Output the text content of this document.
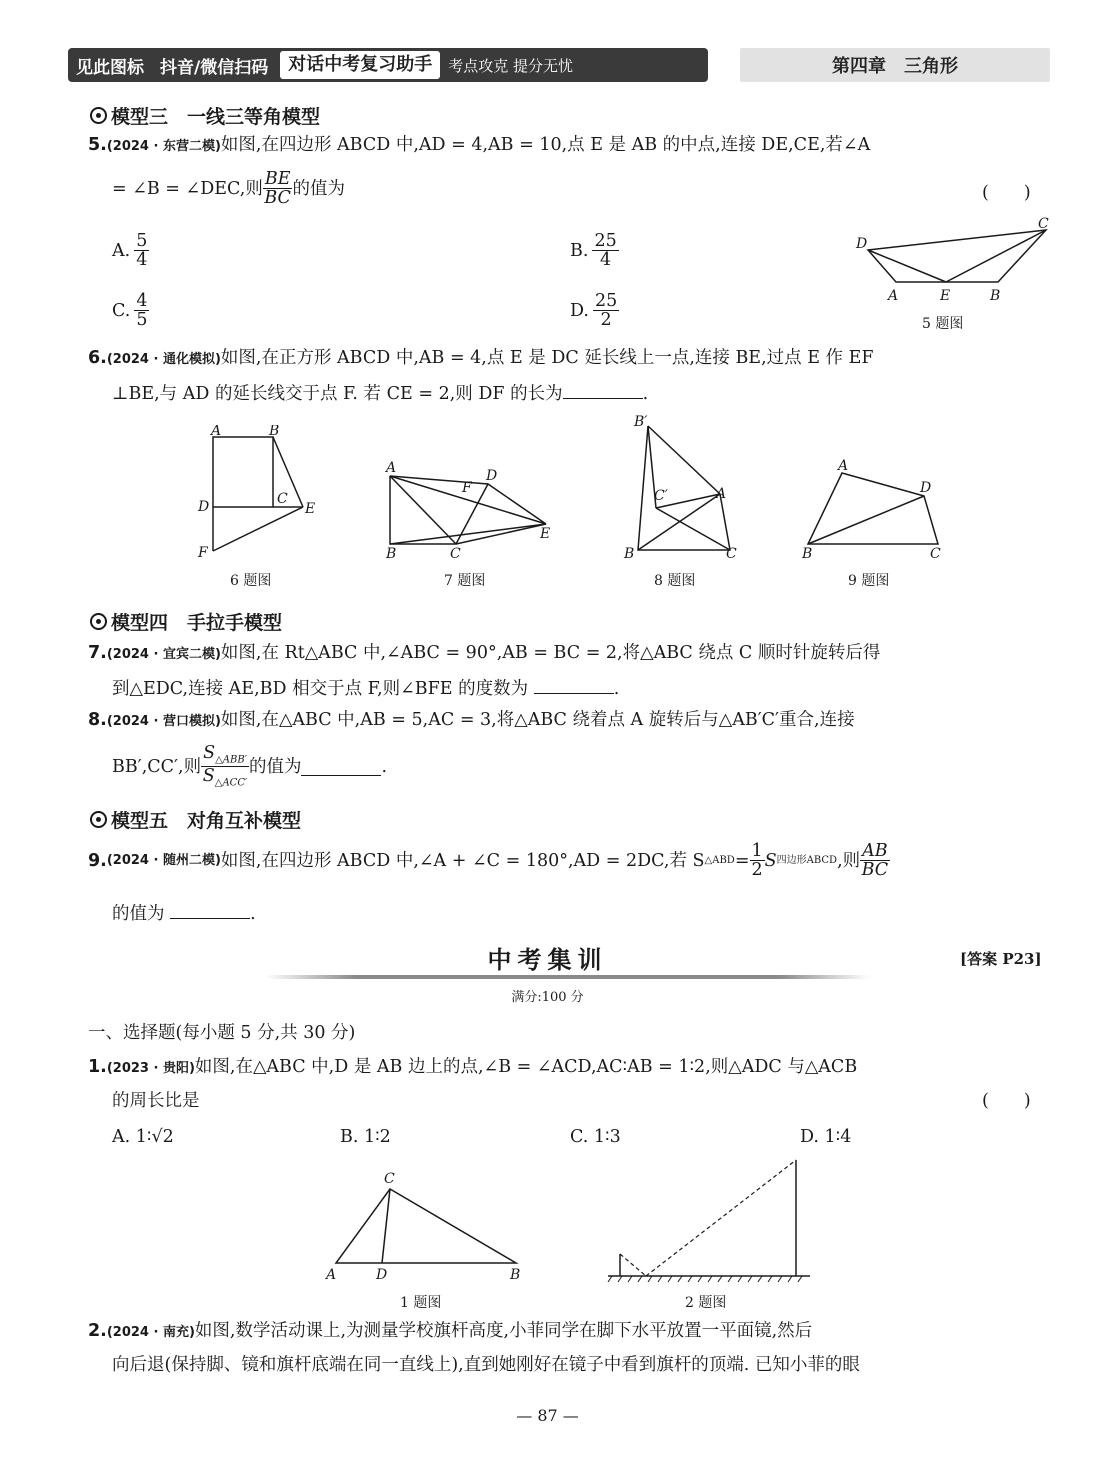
见此图标 抖音/微信扫码	对话中考复习助手	考点攻克 提分无忧	第四章　三角形
模型三　一线三等角模型
5.(2024 · 东营二模)如图,在四边形 ABCD 中,AD = 4,AB = 10,点 E 是 AB 的中点,连接 DE,CE,若∠A
= ∠B = ∠DEC,则 $\frac{BE}{BC}$ 的值为	(　　)
A. $\frac{5}{4}$	B. $\frac{25}{4}$
C. $\frac{4}{5}$	D. $\frac{25}{2}$
D
C
A	E	B
5 题图
6.(2024 · 通化模拟)如图,在正方形 ABCD 中,AB = 4,点 E 是 DC 延长线上一点,连接 BE,过点 E 作 EF
⊥BE,与 AD 的延长线交于点 F. 若 CE = 2,则 DF 的长为	.
A	B
D	C
E
F
6 题图
A
F
D
E
B	C
7 题图
B′
C′	A
B	C
8 题图
A
D
B	C
9 题图
模型四　手拉手模型
7.(2024 · 宜宾二模)如图,在 Rt△ABC 中,∠ABC = 90°,AB = BC = 2,将△ABC 绕点 C 顺时针旋转后得
到△EDC,连接 AE,BD 相交于点 F,则∠BFE 的度数为	.
8.(2024 · 营口模拟)如图,在△ABC 中,AB = 5,AC = 3,将△ABC 绕着点 A 旋转后与△AB′C′重合,连接
BB′,CC′,则 $\frac{S_{\triangle ABB'}}{S_{\triangle ACC'}}$ 的值为	.
模型五　对角互补模型
9. (2024 · 随州二模) 如图,在四边形 ABCD 中,∠A + ∠C = 180°,AD = 2DC,若 S △ABD = $\frac{1}{2}$ S 四边形ABCD ,则 $\frac{AB}{BC}$
的值为	.
中考集训	[答案 P23]
满分:100 分
一、选择题(每小题 5 分,共 30 分)
1.(2023 · 贵阳)如图,在△ABC 中,D 是 AB 边上的点,∠B = ∠ACD,AC∶AB = 1∶2,则△ADC 与△ACB
的周长比是	(　　)
A. 1∶√2	B. 1∶2	C. 1∶3	D. 1∶4
C
A	D	B
1 题图	2 题图
2.(2024 · 南充)如图,数学活动课上,为测量学校旗杆高度,小菲同学在脚下水平放置一平面镜,然后
向后退(保持脚、镜和旗杆底端在同一直线上),直到她刚好在镜子中看到旗杆的顶端. 已知小菲的眼
— 87 —
